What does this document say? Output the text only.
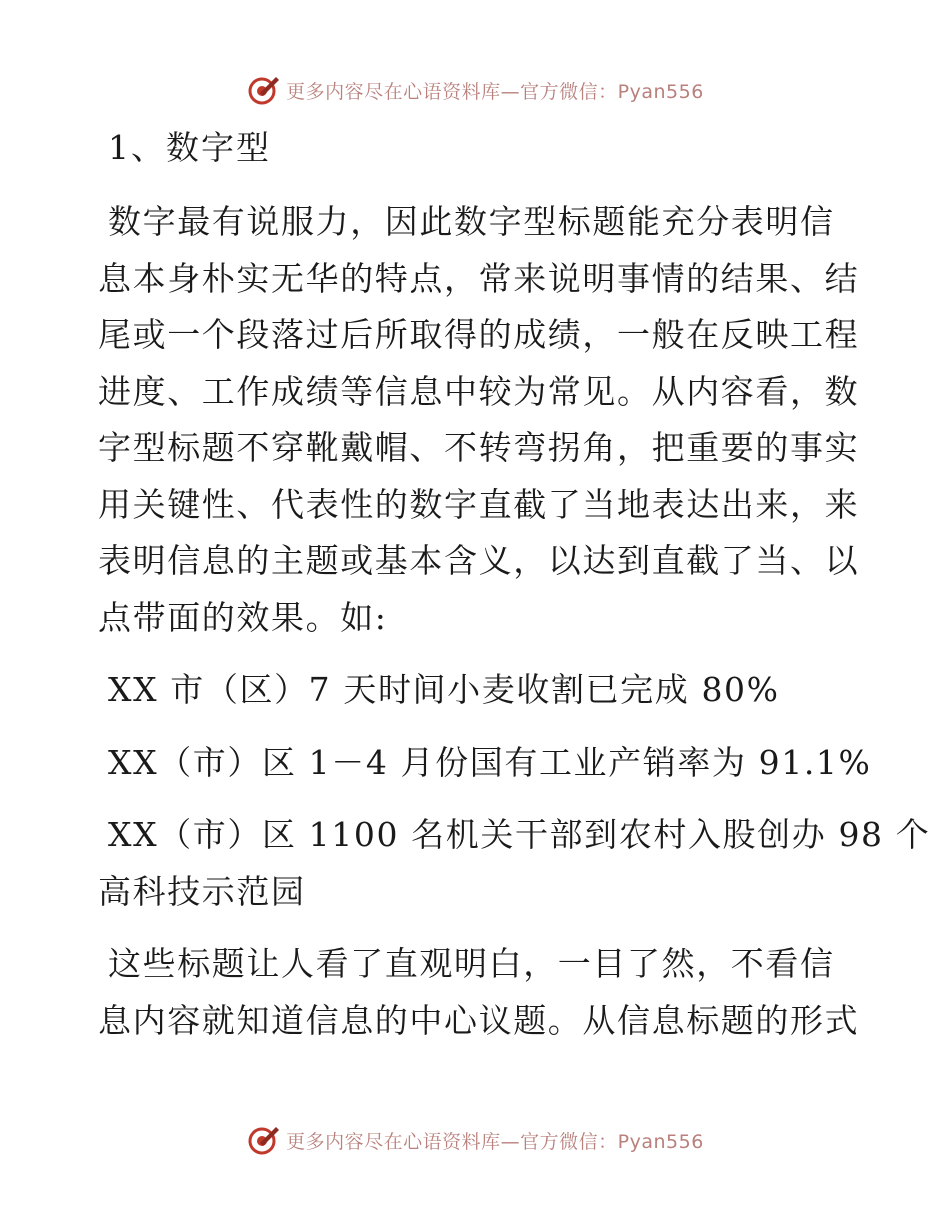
更多内容尽在心语资料库—官方微信：Pyan556
1、数字型
数字最有说服力，因此数字型标题能充分表明信
息本身朴实无华的特点，常来说明事情的结果、结
尾或一个段落过后所取得的成绩，一般在反映工程
进度、工作成绩等信息中较为常见。从内容看，数
字型标题不穿靴戴帽、不转弯拐角，把重要的事实
用关键性、代表性的数字直截了当地表达出来，来
表明信息的主题或基本含义，以达到直截了当、以
点带面的效果。如:
XX 市（区）7 天时间小麦收割已完成 80%
XX（市）区 1－4 月份国有工业产销率为 91.1%
XX（市）区 1100 名机关干部到农村入股创办 98 个
高科技示范园
这些标题让人看了直观明白，一目了然，不看信
息内容就知道信息的中心议题。从信息标题的形式
更多内容尽在心语资料库—官方微信：Pyan556
